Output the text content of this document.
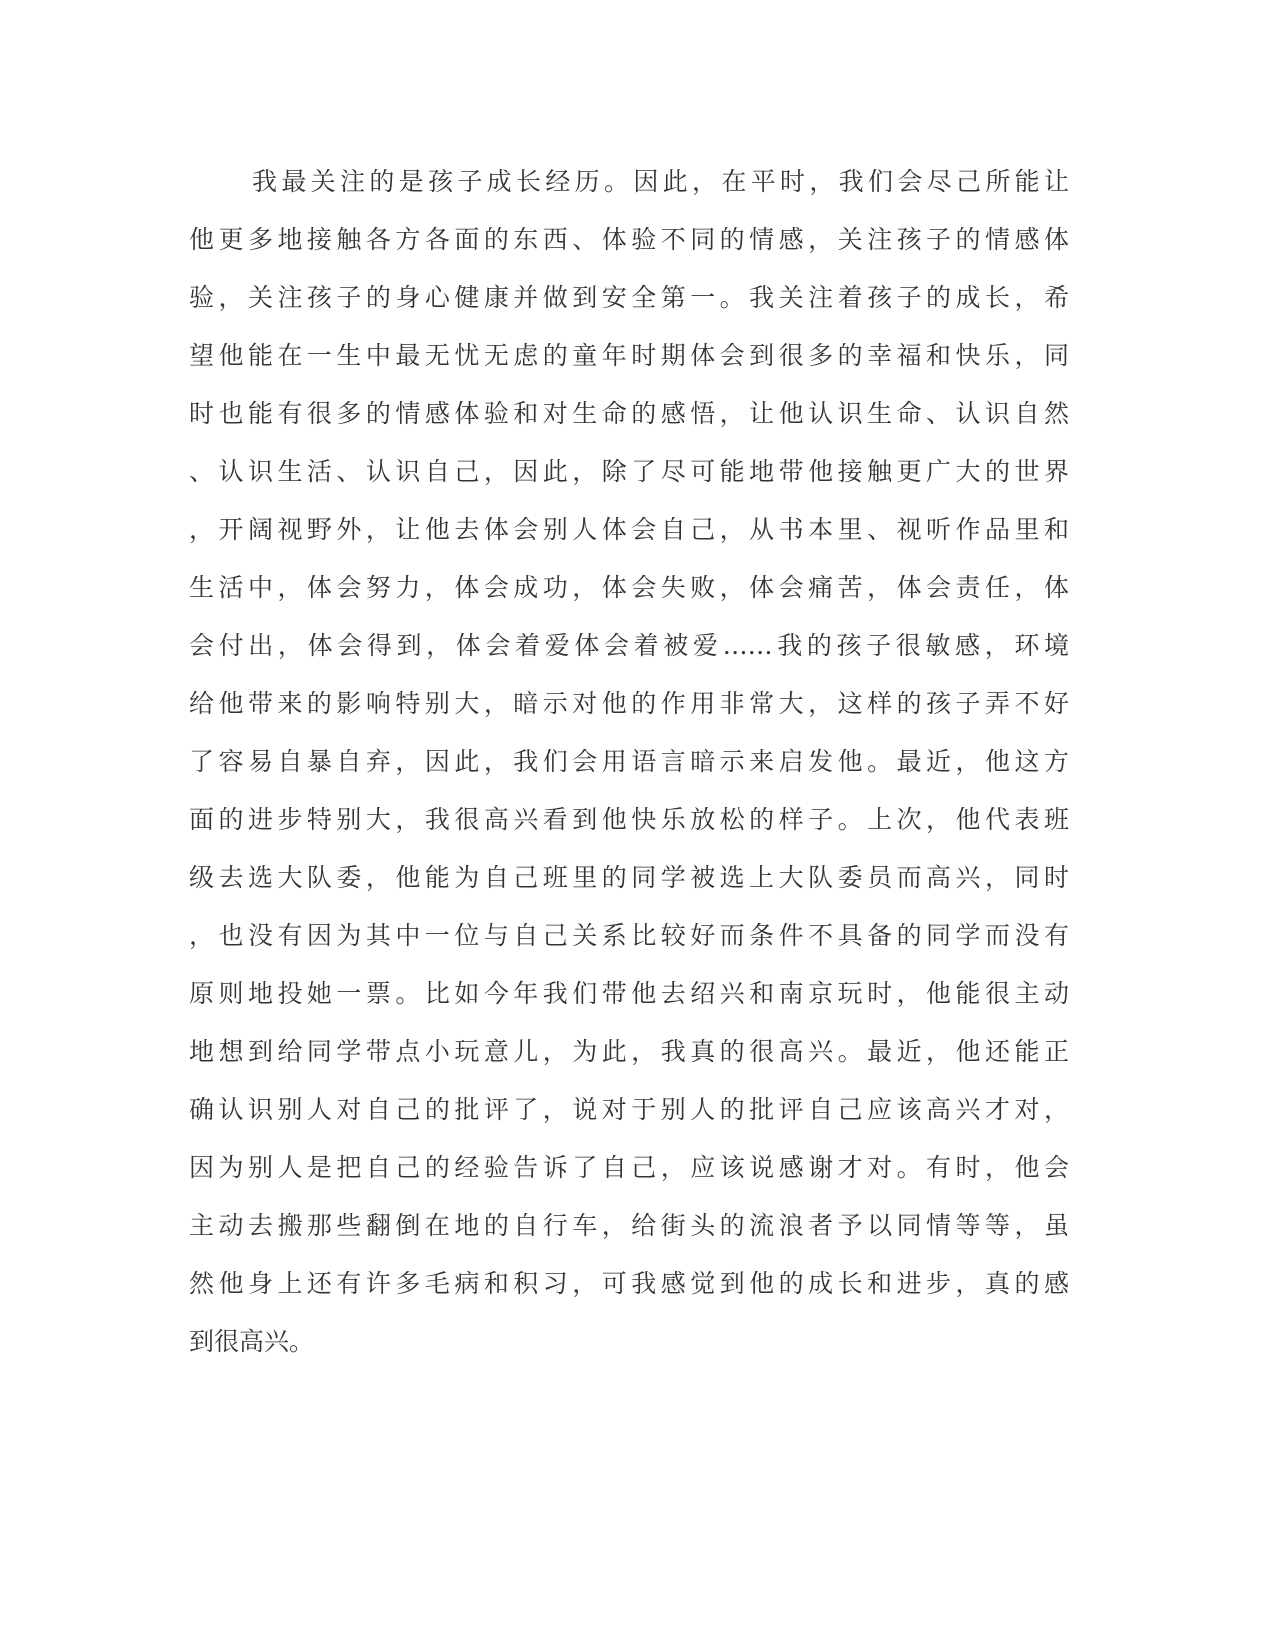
我最关注的是孩子成长经历。因此，在平时，我们会尽己所能让
他更多地接触各方各面的东西、体验不同的情感，关注孩子的情感体
验，关注孩子的身心健康并做到安全第一。我关注着孩子的成长，希
望他能在一生中最无忧无虑的童年时期体会到很多的幸福和快乐，同
时也能有很多的情感体验和对生命的感悟，让他认识生命、认识自然
、认识生活、认识自己，因此，除了尽可能地带他接触更广大的世界
，开阔视野外，让他去体会别人体会自己，从书本里、视听作品里和
生活中，体会努力，体会成功，体会失败，体会痛苦，体会责任，体
会付出，体会得到，体会着爱体会着被爱……我的孩子很敏感，环境
给他带来的影响特别大，暗示对他的作用非常大，这样的孩子弄不好
了容易自暴自弃，因此，我们会用语言暗示来启发他。最近，他这方
面的进步特别大，我很高兴看到他快乐放松的样子。上次，他代表班
级去选大队委，他能为自己班里的同学被选上大队委员而高兴，同时
，也没有因为其中一位与自己关系比较好而条件不具备的同学而没有
原则地投她一票。比如今年我们带他去绍兴和南京玩时，他能很主动
地想到给同学带点小玩意儿，为此，我真的很高兴。最近，他还能正
确认识别人对自己的批评了，说对于别人的批评自己应该高兴才对，
因为别人是把自己的经验告诉了自己，应该说感谢才对。有时，他会
主动去搬那些翻倒在地的自行车，给街头的流浪者予以同情等等，虽
然他身上还有许多毛病和积习，可我感觉到他的成长和进步，真的感
到很高兴。
